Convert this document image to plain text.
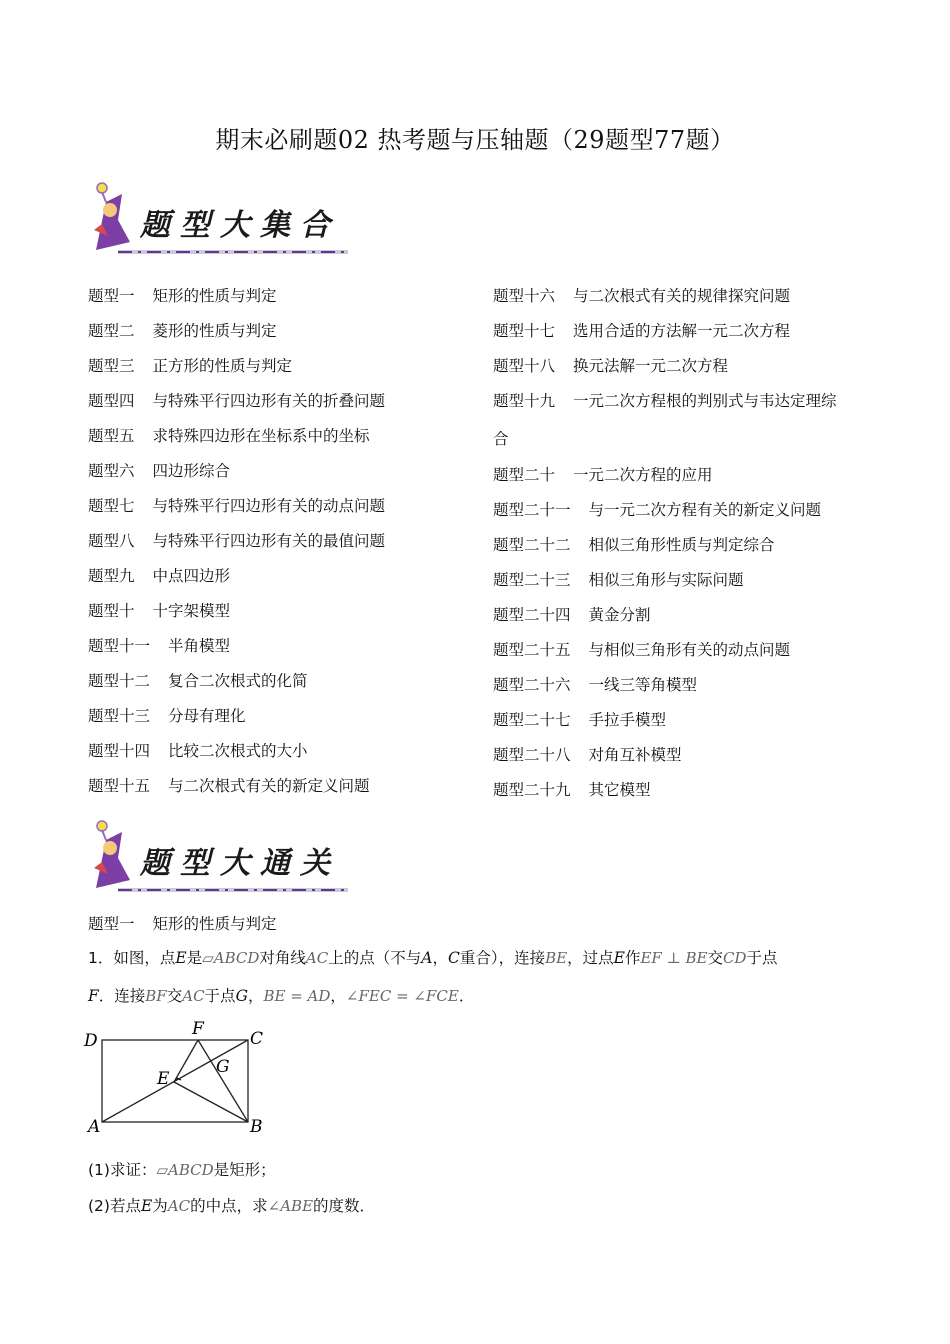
期末必刷题02 热考题与压轴题（29题型77题）
题型大集合
题型一 矩形的性质与判定
题型二 菱形的性质与判定
题型三 正方形的性质与判定
题型四 与特殊平行四边形有关的折叠问题
题型五 求特殊四边形在坐标系中的坐标
题型六 四边形综合
题型七 与特殊平行四边形有关的动点问题
题型八 与特殊平行四边形有关的最值问题
题型九 中点四边形
题型十 十字架模型
题型十一 半角模型
题型十二 复合二次根式的化简
题型十三 分母有理化
题型十四 比较二次根式的大小
题型十五 与二次根式有关的新定义问题
题型十六 与二次根式有关的规律探究问题
题型十七 选用合适的方法解一元二次方程
题型十八 换元法解一元二次方程
题型十九 一元二次方程根的判别式与韦达定理综
合
题型二十 一元二次方程的应用
题型二十一 与一元二次方程有关的新定义问题
题型二十二 相似三角形性质与判定综合
题型二十三 相似三角形与实际问题
题型二十四 黄金分割
题型二十五 与相似三角形有关的动点问题
题型二十六 一线三等角模型
题型二十七 手拉手模型
题型二十八 对角互补模型
题型二十九 其它模型
题型大通关
题型一 矩形的性质与判定
1．如图，点E是▱ABCD对角线AC上的点（不与A，C重合），连接BE，过点E作EF ⊥ BE交CD于点
F．连接BF交AC于点G，BE = AD，∠FEC = ∠FCE．
D
F	C
G
E
A	B
(1)求证：▱ABCD是矩形；
(2)若点E为AC的中点，求∠ABE的度数．
